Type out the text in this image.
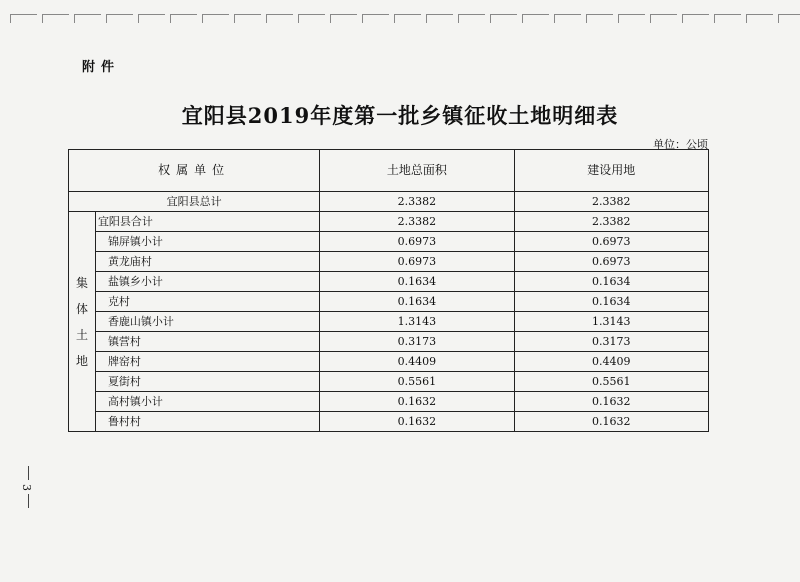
附件
宜阳县2019年度第一批乡镇征收土地明细表
单位：公顷
权属单位		土地总面积	建设用地
宜阳县总计		2.3382	2.3382

集
体
土
地	宜阳县合计	2.3382	2.3382
	锦屏镇小计	0.6973	0.6973
	黄龙庙村	0.6973	0.6973
	盐镇乡小计	0.1634	0.1634
	克村	0.1634	0.1634
	香鹿山镇小计	1.3143	1.3143
	镇营村	0.3173	0.3173
	牌窑村	0.4409	0.4409
	夏街村	0.5561	0.5561
	高村镇小计	0.1632	0.1632
	鲁村村	0.1632	0.1632
3
